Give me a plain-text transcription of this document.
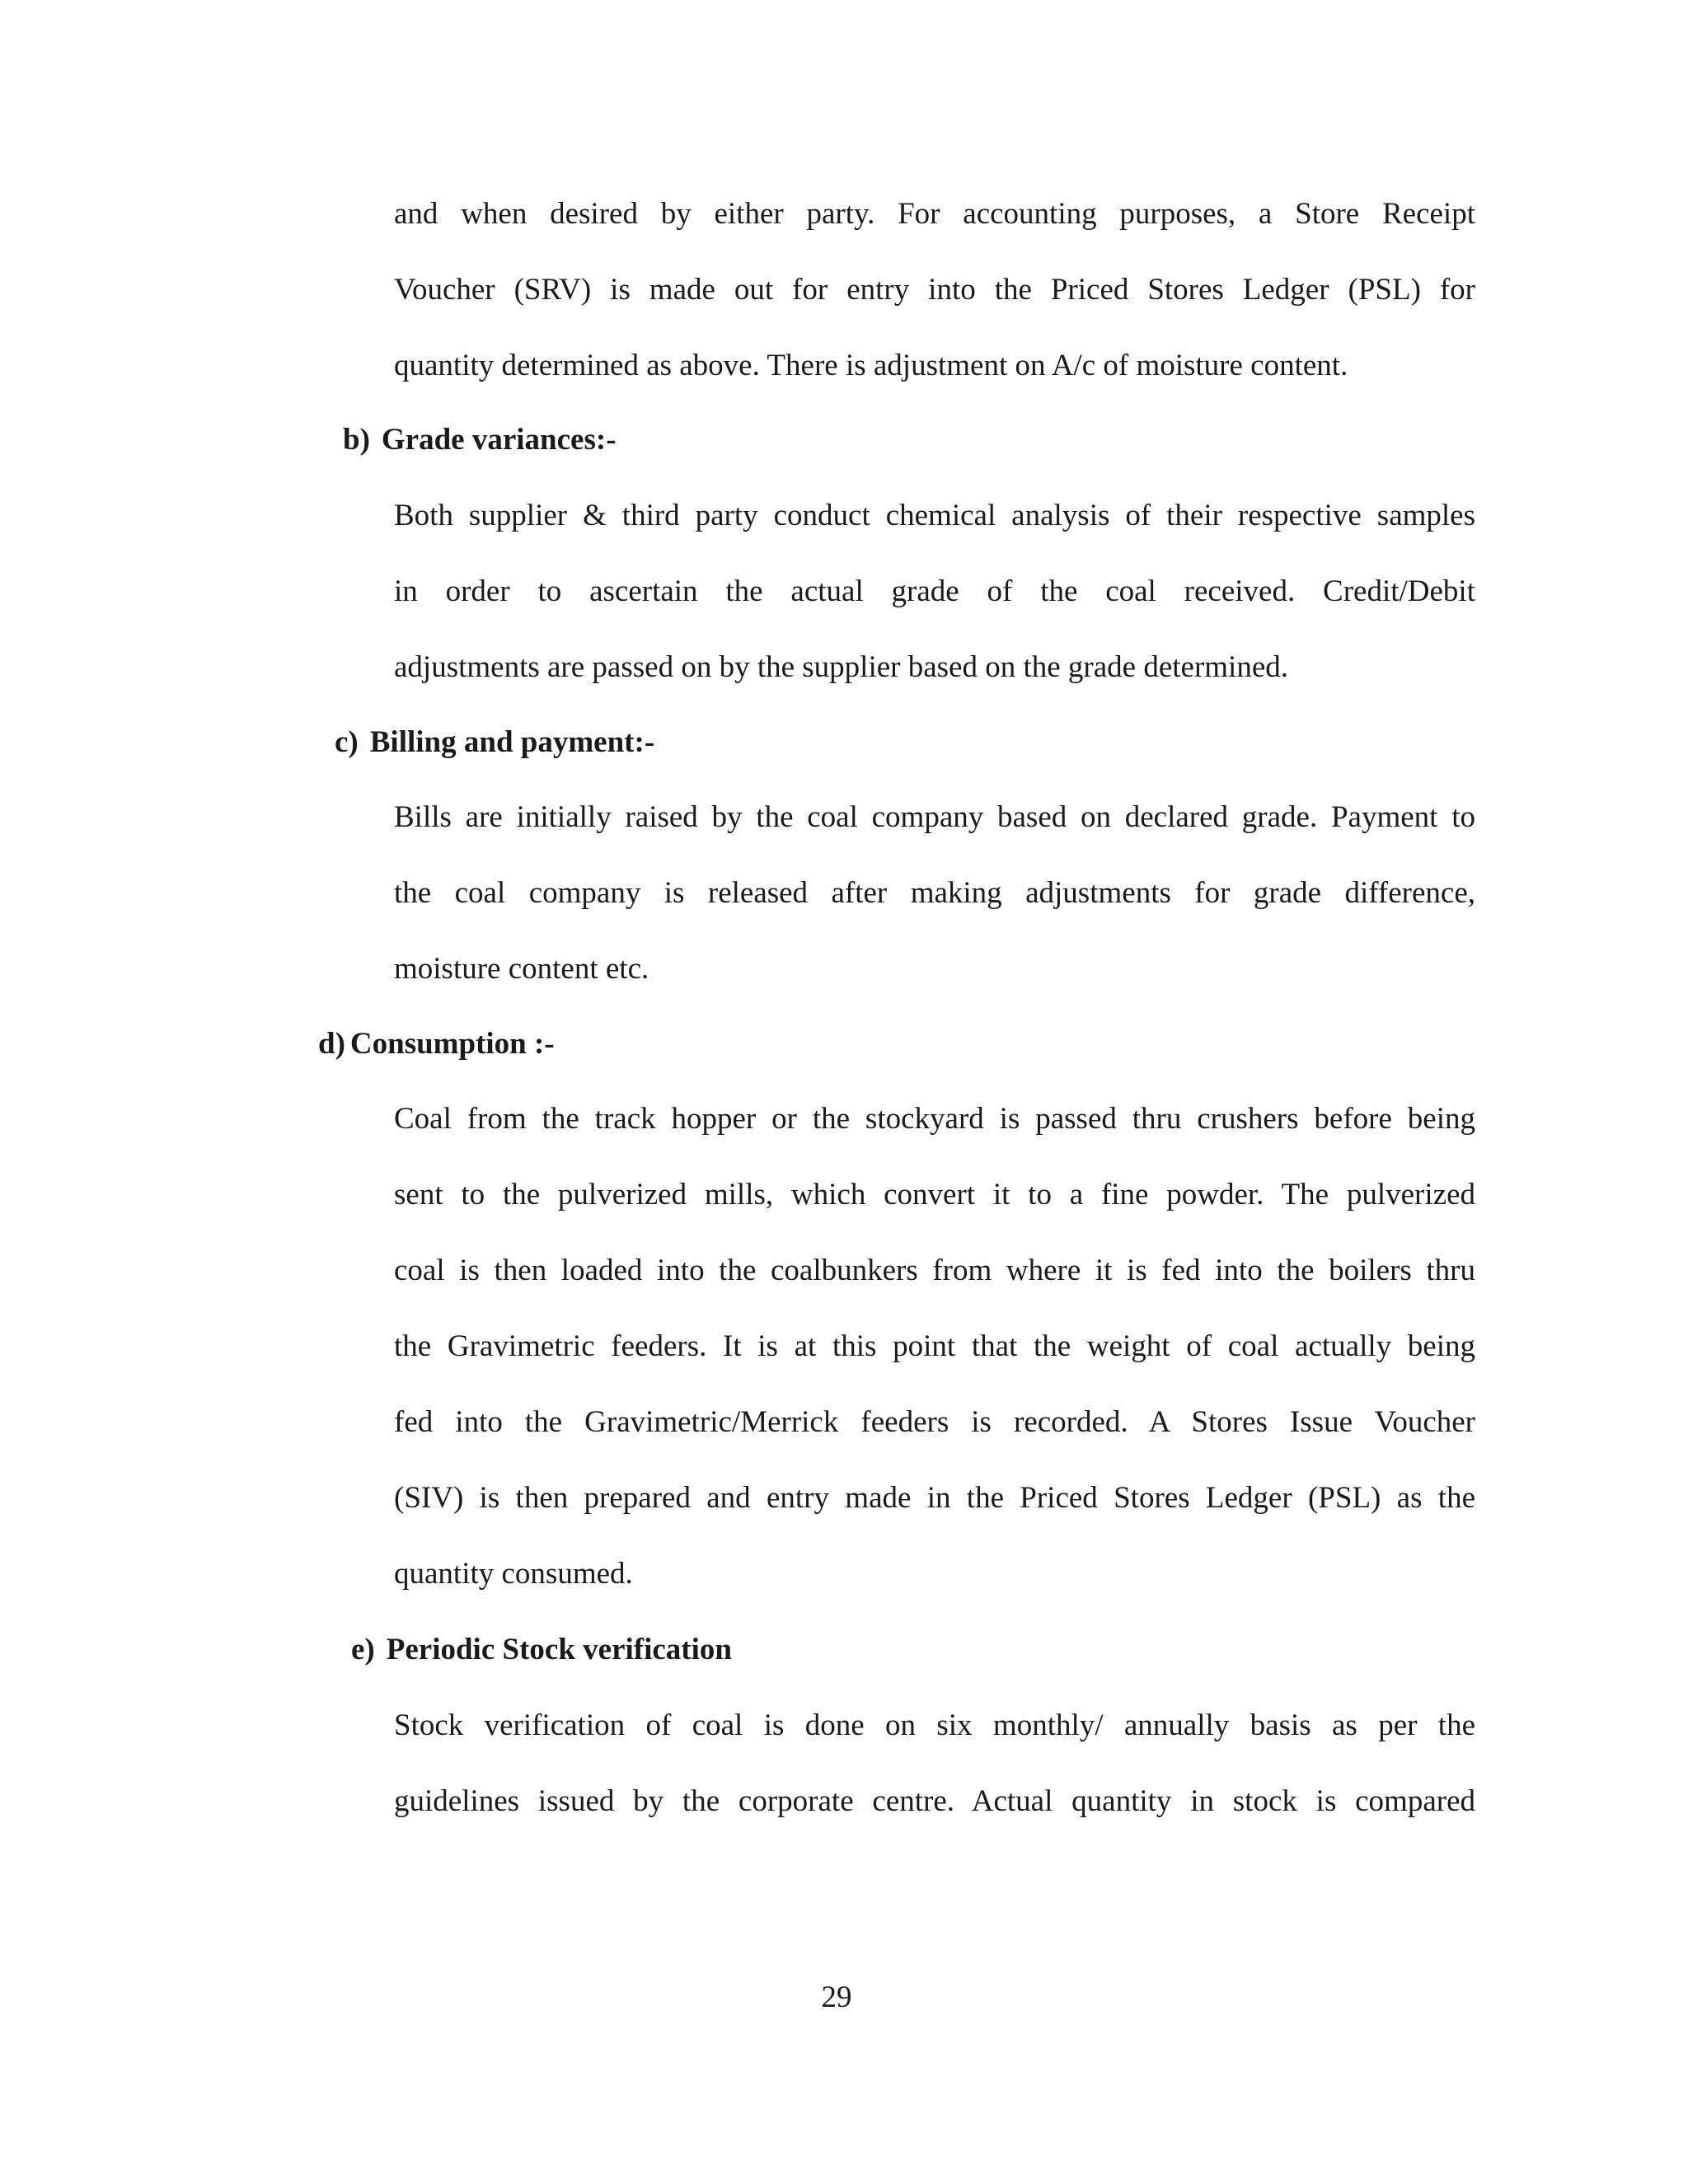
and when desired by either party. For accounting purposes, a Store Receipt
Voucher (SRV) is made out for entry into the Priced Stores Ledger (PSL) for
quantity determined as above. There is adjustment on A/c of moisture content.
b) Grade variances:-
Both supplier & third party conduct chemical analysis of their respective samples
in order to ascertain the actual grade of the coal received. Credit/Debit
adjustments are passed on by the supplier based on the grade determined.
c) Billing and payment:-
Bills are initially raised by the coal company based on declared grade. Payment to
the coal company is released after making adjustments for grade difference,
moisture content etc.
d) Consumption :-
Coal from the track hopper or the stockyard is passed thru crushers before being
sent to the pulverized mills, which convert it to a fine powder. The pulverized
coal is then loaded into the coalbunkers from where it is fed into the boilers thru
the Gravimetric feeders. It is at this point that the weight of coal actually being
fed into the Gravimetric/Merrick feeders is recorded. A Stores Issue Voucher
(SIV) is then prepared and entry made in the Priced Stores Ledger (PSL) as the
quantity consumed.
e) Periodic Stock verification
Stock verification of coal is done on six monthly/ annually basis as per the
guidelines issued by the corporate centre. Actual quantity in stock is compared
29
